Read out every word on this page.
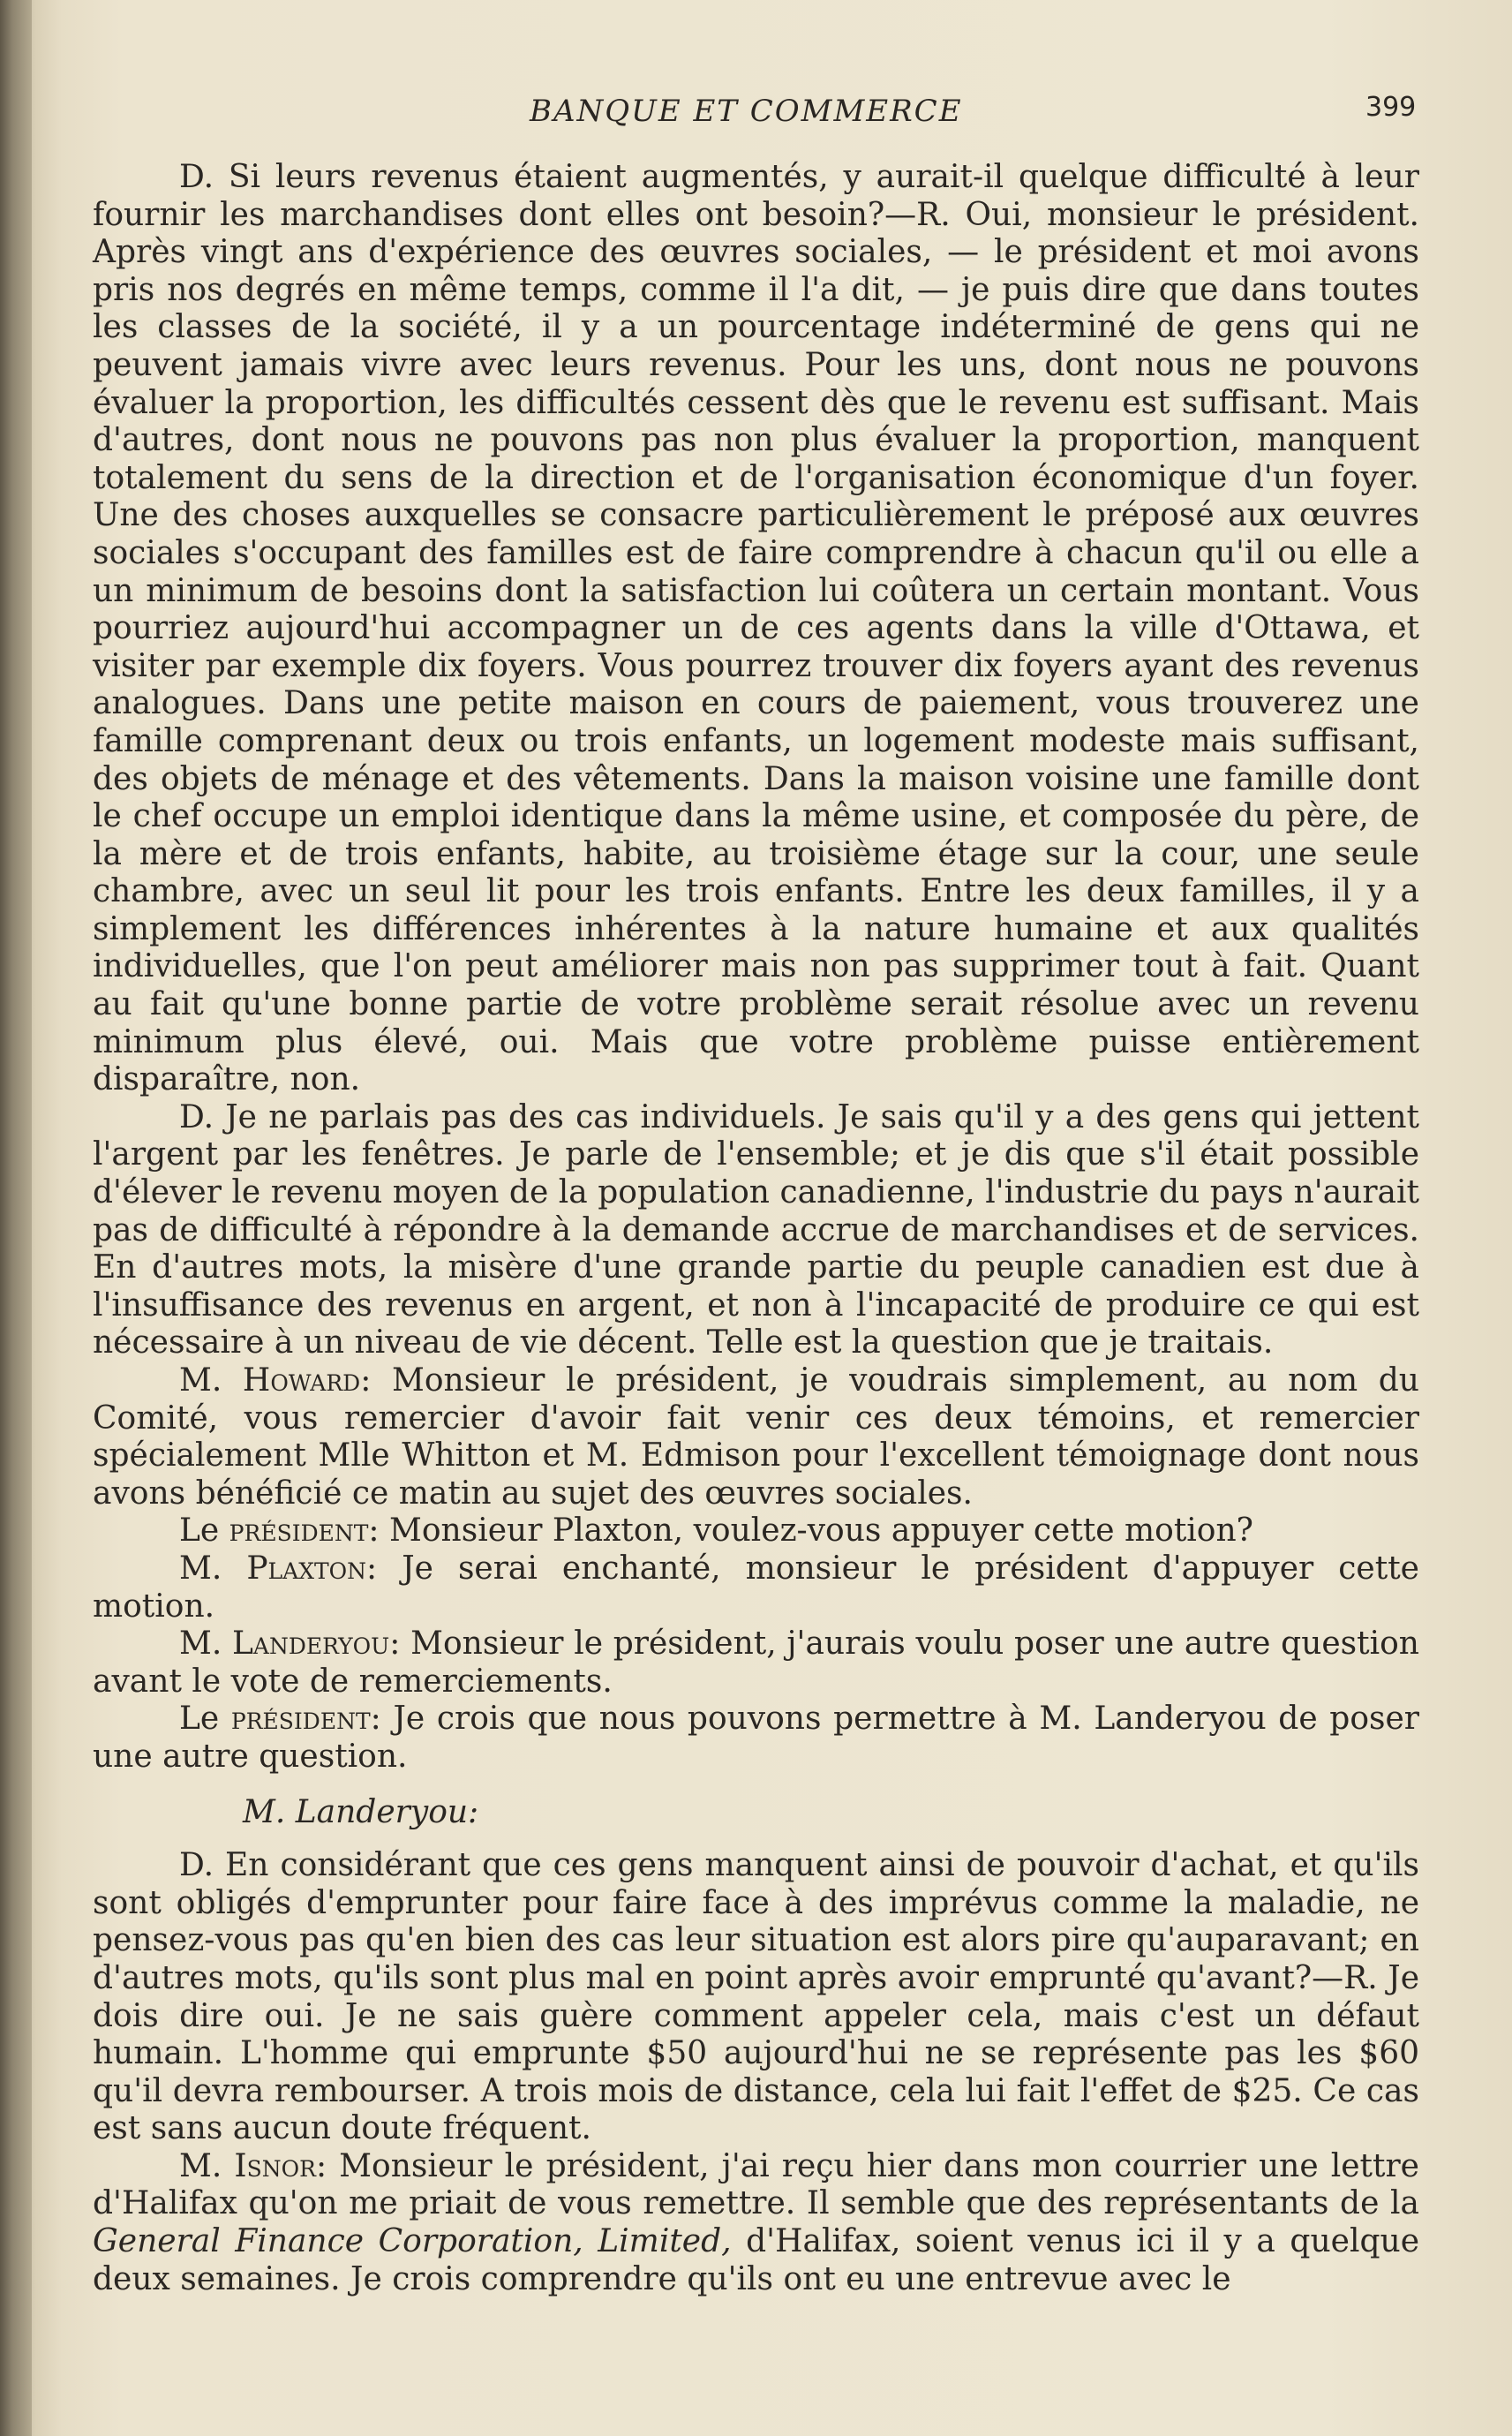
BANQUE ET COMMERCE	399

D. Si leurs revenus étaient augmentés, y aurait-il quelque difficulté à leur fournir les marchandises dont elles ont besoin?—R. Oui, monsieur le président. Après vingt ans d'expérience des œuvres sociales, — le président et moi avons pris nos degrés en même temps, comme il l'a dit, — je puis dire que dans toutes les classes de la société, il y a un pourcentage indéterminé de gens qui ne peuvent jamais vivre avec leurs revenus. Pour les uns, dont nous ne pouvons évaluer la proportion, les difficultés cessent dès que le revenu est suffisant. Mais d'autres, dont nous ne pouvons pas non plus évaluer la proportion, manquent totalement du sens de la direction et de l'organisation économique d'un foyer. Une des choses auxquelles se consacre particulièrement le préposé aux œuvres sociales s'occupant des familles est de faire comprendre à chacun qu'il ou elle a un minimum de besoins dont la satisfaction lui coûtera un certain montant. Vous pourriez aujourd'hui accompagner un de ces agents dans la ville d'Ottawa, et visiter par exemple dix foyers. Vous pourrez trouver dix foyers ayant des revenus analogues. Dans une petite maison en cours de paiement, vous trouverez une famille comprenant deux ou trois enfants, un logement modeste mais suffisant, des objets de ménage et des vêtements. Dans la maison voisine une famille dont le chef occupe un emploi identique dans la même usine, et composée du père, de la mère et de trois enfants, habite, au troisième étage sur la cour, une seule chambre, avec un seul lit pour les trois enfants. Entre les deux familles, il y a simplement les différences inhérentes à la nature humaine et aux qualités individuelles, que l'on peut améliorer mais non pas supprimer tout à fait. Quant au fait qu'une bonne partie de votre problème serait résolue avec un revenu minimum plus élevé, oui. Mais que votre problème puisse entièrement disparaître, non.

D. Je ne parlais pas des cas individuels. Je sais qu'il y a des gens qui jettent l'argent par les fenêtres. Je parle de l'ensemble; et je dis que s'il était possible d'élever le revenu moyen de la population canadienne, l'industrie du pays n'aurait pas de difficulté à répondre à la demande accrue de marchandises et de services. En d'autres mots, la misère d'une grande partie du peuple canadien est due à l'insuffisance des revenus en argent, et non à l'incapacité de produire ce qui est nécessaire à un niveau de vie décent. Telle est la question que je traitais.

M. Howard: Monsieur le président, je voudrais simplement, au nom du Comité, vous remercier d'avoir fait venir ces deux témoins, et remercier spécialement Mlle Whitton et M. Edmison pour l'excellent témoignage dont nous avons bénéficié ce matin au sujet des œuvres sociales.

Le président: Monsieur Plaxton, voulez-vous appuyer cette motion?

M. Plaxton: Je serai enchanté, monsieur le président d'appuyer cette motion.

M. Landeryou: Monsieur le président, j'aurais voulu poser une autre question avant le vote de remerciements.

Le président: Je crois que nous pouvons permettre à M. Landeryou de poser une autre question.

M. Landeryou:

D. En considérant que ces gens manquent ainsi de pouvoir d'achat, et qu'ils sont obligés d'emprunter pour faire face à des imprévus comme la maladie, ne pensez-vous pas qu'en bien des cas leur situation est alors pire qu'auparavant; en d'autres mots, qu'ils sont plus mal en point après avoir emprunté qu'avant?—R. Je dois dire oui. Je ne sais guère comment appeler cela, mais c'est un défaut humain. L'homme qui emprunte $50 aujourd'hui ne se représente pas les $60 qu'il devra rembourser. A trois mois de distance, cela lui fait l'effet de $25. Ce cas est sans aucun doute fréquent.

M. Isnor: Monsieur le président, j'ai reçu hier dans mon courrier une lettre d'Halifax qu'on me priait de vous remettre. Il semble que des représentants de la General Finance Corporation, Limited, d'Halifax, soient venus ici il y a quelque deux semaines. Je crois comprendre qu'ils ont eu une entrevue avec le
